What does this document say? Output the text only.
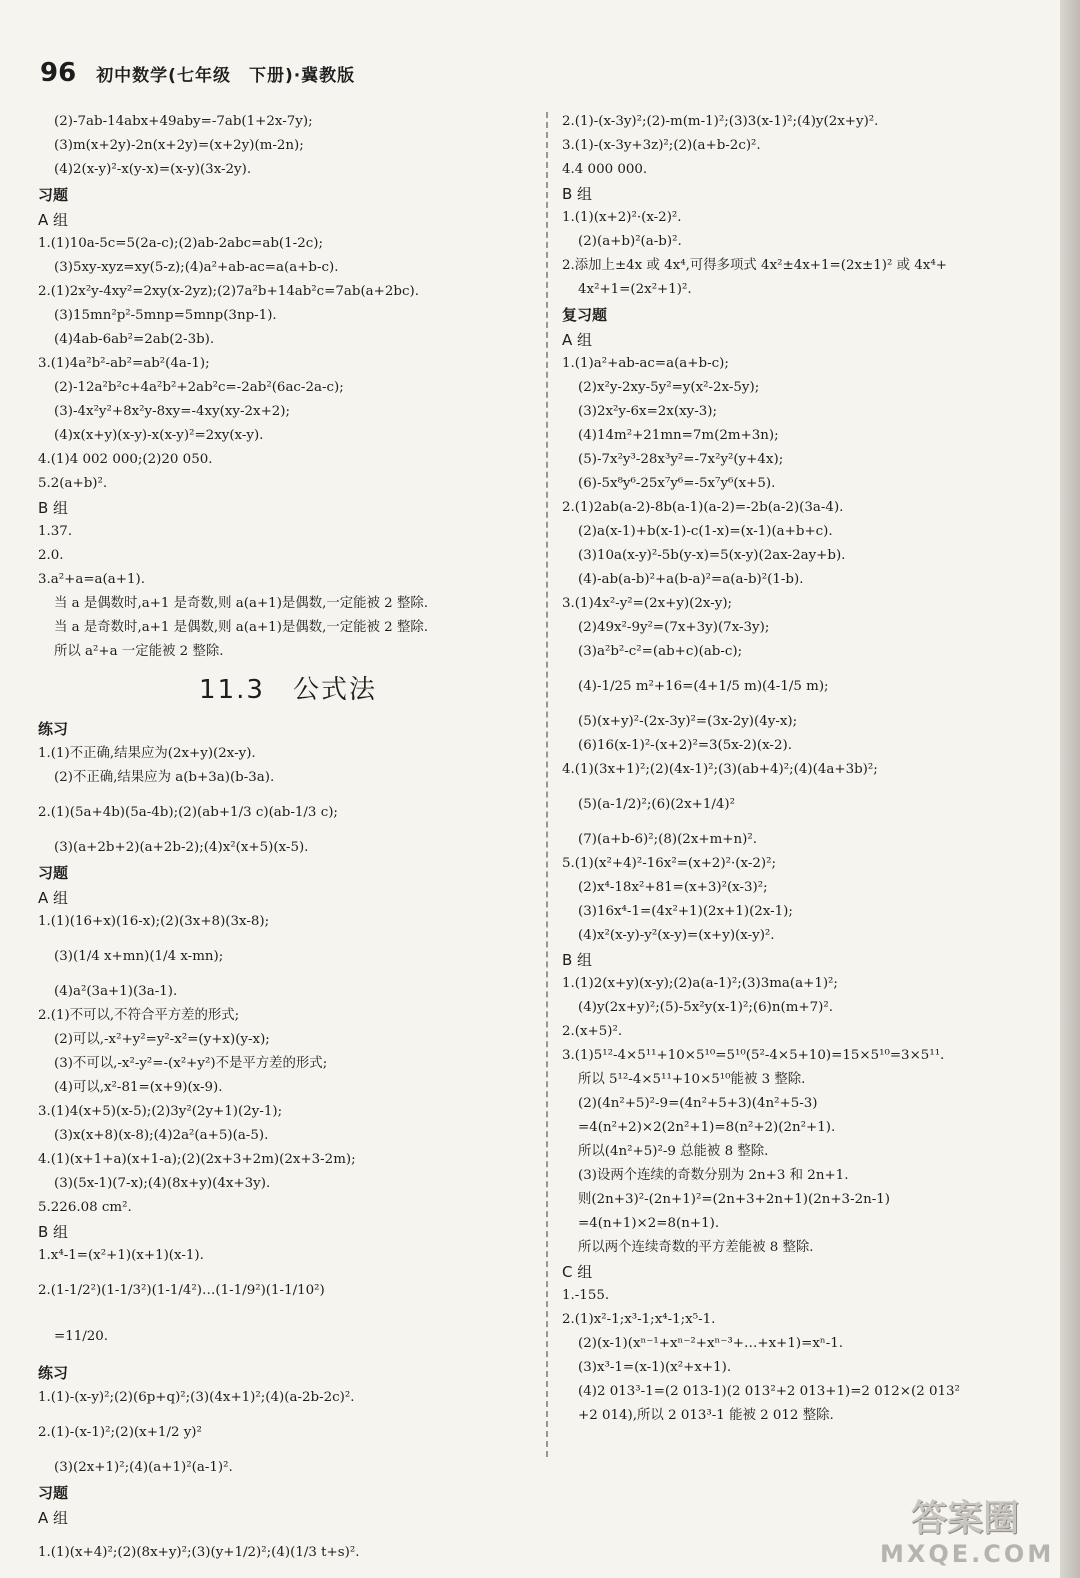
96 初中数学(七年级　下册)·冀教版
(2)-7ab-14abx+49aby=-7ab(1+2x-7y);
(3)m(x+2y)-2n(x+2y)=(x+2y)(m-2n);
(4)2(x-y)²-x(y-x)=(x-y)(3x-2y).
习题
A 组
1.(1)10a-5c=5(2a-c);(2)ab-2abc=ab(1-2c);
(3)5xy-xyz=xy(5-z);(4)a²+ab-ac=a(a+b-c).
2.(1)2x²y-4xy²=2xy(x-2yz);(2)7a²b+14ab²c=7ab(a+2bc).
(3)15mn²p²-5mnp=5mnp(3np-1).
(4)4ab-6ab²=2ab(2-3b).
3.(1)4a²b²-ab²=ab²(4a-1);
(2)-12a²b²c+4a²b²+2ab²c=-2ab²(6ac-2a-c);
(3)-4x²y²+8x²y-8xy=-4xy(xy-2x+2);
(4)x(x+y)(x-y)-x(x-y)²=2xy(x-y).
4.(1)4 002 000;(2)20 050.
5.2(a+b)².
B 组
1.37.
2.0.
3.a²+a=a(a+1).
当 a 是偶数时,a+1 是奇数,则 a(a+1)是偶数,一定能被 2 整除.
当 a 是奇数时,a+1 是偶数,则 a(a+1)是偶数,一定能被 2 整除.
所以 a²+a 一定能被 2 整除.
11.3　公式法
练习
1.(1)不正确,结果应为(2x+y)(2x-y).
(2)不正确,结果应为 a(b+3a)(b-3a).
2.(1)(5a+4b)(5a-4b);(2)(ab+1/3 c)(ab-1/3 c);
(3)(a+2b+2)(a+2b-2);(4)x²(x+5)(x-5).
习题
A 组
1.(1)(16+x)(16-x);(2)(3x+8)(3x-8);
(3)(1/4 x+mn)(1/4 x-mn);
(4)a²(3a+1)(3a-1).
2.(1)不可以,不符合平方差的形式;
(2)可以,-x²+y²=y²-x²=(y+x)(y-x);
(3)不可以,-x²-y²=-(x²+y²)不是平方差的形式;
(4)可以,x²-81=(x+9)(x-9).
3.(1)4(x+5)(x-5);(2)3y²(2y+1)(2y-1);
(3)x(x+8)(x-8);(4)2a²(a+5)(a-5).
4.(1)(x+1+a)(x+1-a);(2)(2x+3+2m)(2x+3-2m);
(3)(5x-1)(7-x);(4)(8x+y)(4x+3y).
5.226.08 cm².
B 组
1.x⁴-1=(x²+1)(x+1)(x-1).
2.(1-1/2²)(1-1/3²)(1-1/4²)…(1-1/9²)(1-1/10²)
=11/20.
练习
1.(1)-(x-y)²;(2)(6p+q)²;(3)(4x+1)²;(4)(a-2b-2c)².
2.(1)-(x-1)²;(2)(x+1/2 y)²
(3)(2x+1)²;(4)(a+1)²(a-1)².
习题
A 组
1.(1)(x+4)²;(2)(8x+y)²;(3)(y+1/2)²;(4)(1/3 t+s)².
2.(1)-(x-3y)²;(2)-m(m-1)²;(3)3(x-1)²;(4)y(2x+y)².
3.(1)-(x-3y+3z)²;(2)(a+b-2c)².
4.4 000 000.
B 组
1.(1)(x+2)²·(x-2)².
(2)(a+b)²(a-b)².
2.添加上±4x 或 4x⁴,可得多项式 4x²±4x+1=(2x±1)² 或 4x⁴+
4x²+1=(2x²+1)².
复习题
A 组
1.(1)a²+ab-ac=a(a+b-c);
(2)x²y-2xy-5y²=y(x²-2x-5y);
(3)2x²y-6x=2x(xy-3);
(4)14m²+21mn=7m(2m+3n);
(5)-7x²y³-28x³y²=-7x²y²(y+4x);
(6)-5x⁸y⁶-25x⁷y⁶=-5x⁷y⁶(x+5).
2.(1)2ab(a-2)-8b(a-1)(a-2)=-2b(a-2)(3a-4).
(2)a(x-1)+b(x-1)-c(1-x)=(x-1)(a+b+c).
(3)10a(x-y)²-5b(y-x)=5(x-y)(2ax-2ay+b).
(4)-ab(a-b)²+a(b-a)²=a(a-b)²(1-b).
3.(1)4x²-y²=(2x+y)(2x-y);
(2)49x²-9y²=(7x+3y)(7x-3y);
(3)a²b²-c²=(ab+c)(ab-c);
(4)-1/25 m²+16=(4+1/5 m)(4-1/5 m);
(5)(x+y)²-(2x-3y)²=(3x-2y)(4y-x);
(6)16(x-1)²-(x+2)²=3(5x-2)(x-2).
4.(1)(3x+1)²;(2)(4x-1)²;(3)(ab+4)²;(4)(4a+3b)²;
(5)(a-1/2)²;(6)(2x+1/4)²
(7)(a+b-6)²;(8)(2x+m+n)².
5.(1)(x²+4)²-16x²=(x+2)²·(x-2)²;
(2)x⁴-18x²+81=(x+3)²(x-3)²;
(3)16x⁴-1=(4x²+1)(2x+1)(2x-1);
(4)x²(x-y)-y²(x-y)=(x+y)(x-y)².
B 组
1.(1)2(x+y)(x-y);(2)a(a-1)²;(3)3ma(a+1)²;
(4)y(2x+y)²;(5)-5x²y(x-1)²;(6)n(m+7)².
2.(x+5)².
3.(1)5¹²-4×5¹¹+10×5¹⁰=5¹⁰(5²-4×5+10)=15×5¹⁰=3×5¹¹.
所以 5¹²-4×5¹¹+10×5¹⁰能被 3 整除.
(2)(4n²+5)²-9=(4n²+5+3)(4n²+5-3)
=4(n²+2)×2(2n²+1)=8(n²+2)(2n²+1).
所以(4n²+5)²-9 总能被 8 整除.
(3)设两个连续的奇数分别为 2n+3 和 2n+1.
则(2n+3)²-(2n+1)²=(2n+3+2n+1)(2n+3-2n-1)
=4(n+1)×2=8(n+1).
所以两个连续奇数的平方差能被 8 整除.
C 组
1.-155.
2.(1)x²-1;x³-1;x⁴-1;x⁵-1.
(2)(x-1)(xⁿ⁻¹+xⁿ⁻²+xⁿ⁻³+…+x+1)=xⁿ-1.
(3)x³-1=(x-1)(x²+x+1).
(4)2 013³-1=(2 013-1)(2 013²+2 013+1)=2 012×(2 013²
+2 014),所以 2 013³-1 能被 2 012 整除.
答案圈
MXQE.COM
